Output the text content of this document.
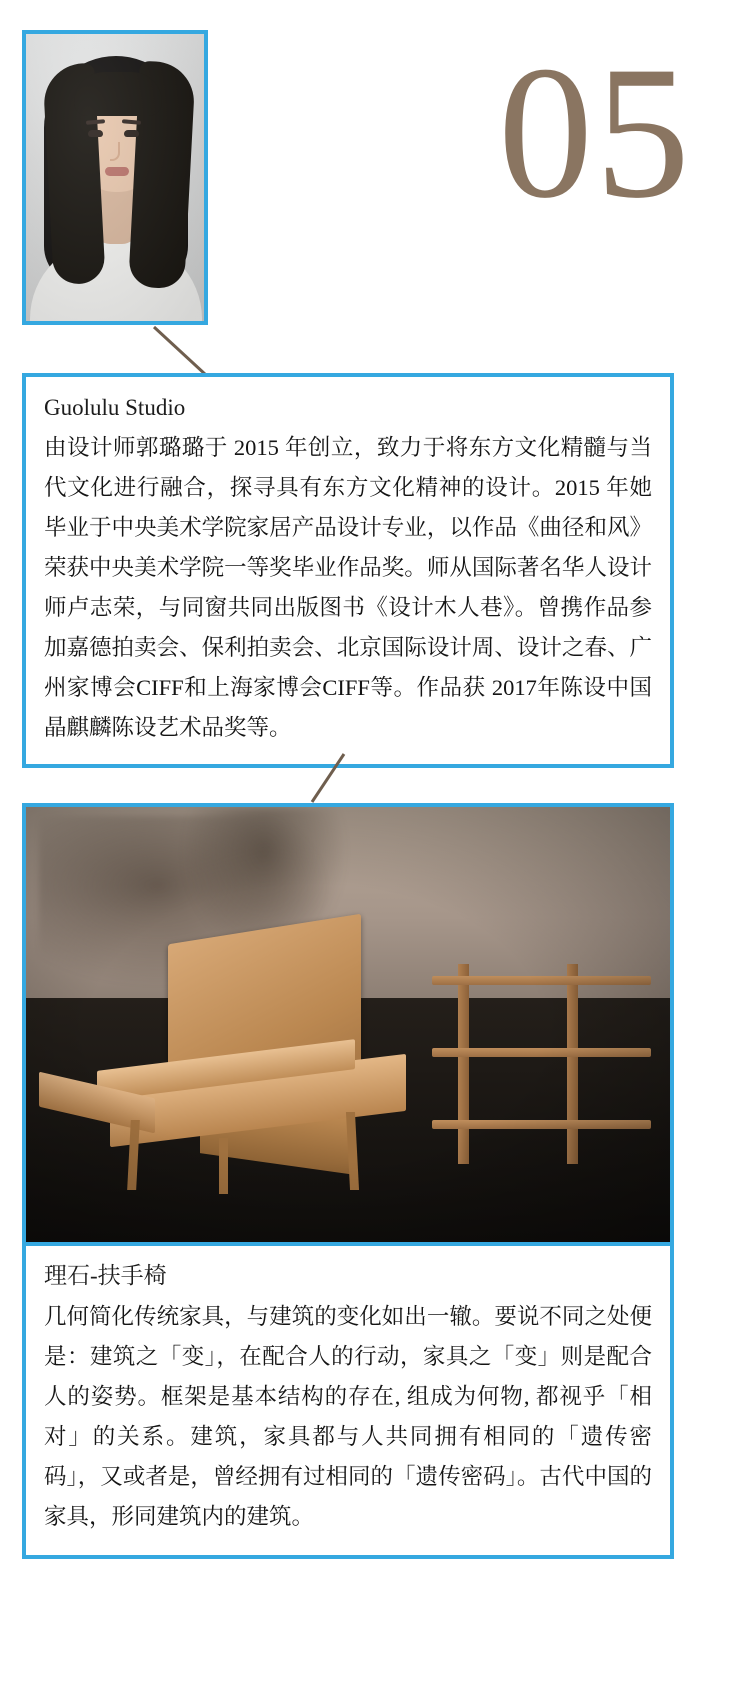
05
Guolulu Studio

由设计师郭璐璐于 2015 年创立，致力于将东方文化精髓与当代文化进行融合，探寻具有东方文化精神的设计。2015 年她毕业于中央美术学院家居产品设计专业，以作品《曲径和风》荣获中央美术学院一等奖毕业作品奖。师从国际著名华人设计师卢志荣，与同窗共同出版图书《设计木人巷》。曾携作品参加嘉德拍卖会、保利拍卖会、北京国际设计周、设计之春、广州家博会CIFF和上海家博会CIFF等。作品获 2017年陈设中国晶麒麟陈设艺术品奖等。

理石-扶手椅

几何简化传统家具，与建筑的变化如出一辙。要说不同之处便是：建筑之「变」，在配合人的行动，家具之「变」则是配合人的姿势。框架是基本结构的存在, 组成为何物, 都视乎「相对」的关系。建筑，家具都与人共同拥有相同的「遗传密码」，又或者是，曾经拥有过相同的「遗传密码」。古代中国的家具，形同建筑内的建筑。
